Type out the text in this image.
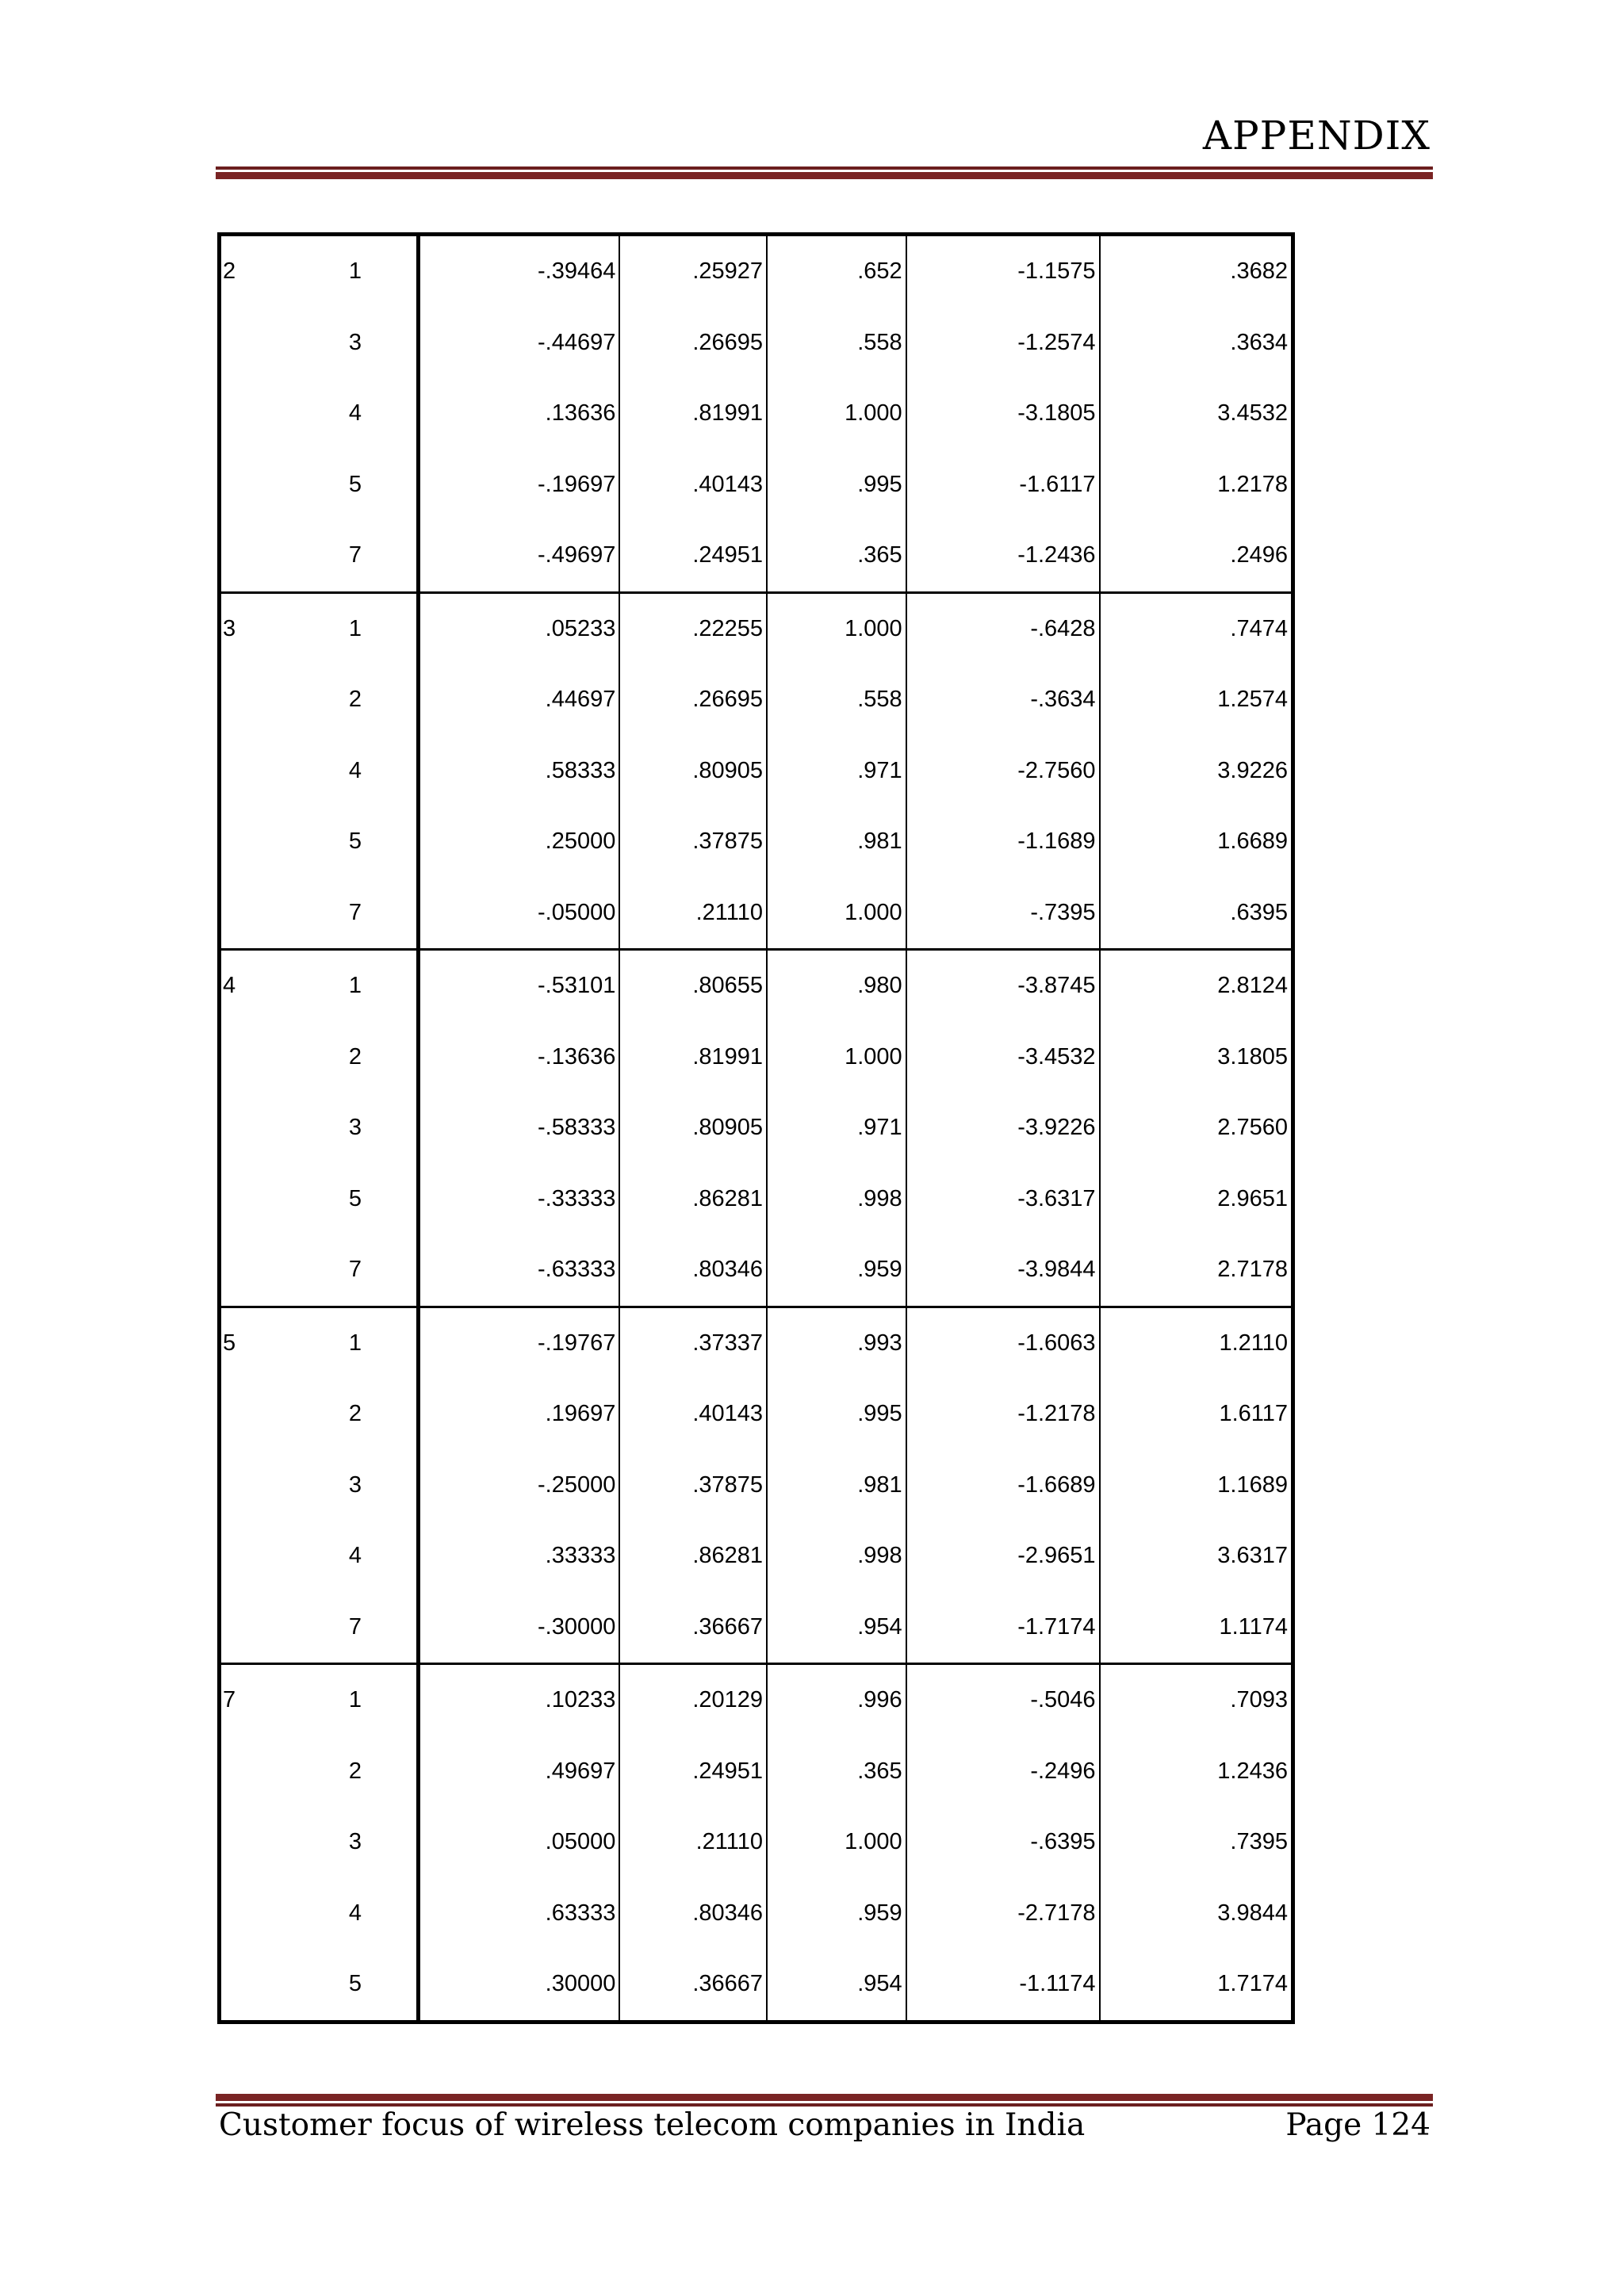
APPENDIX
2	1	-.39464	.25927	.652	-1.1575	.3682
	3	-.44697	.26695	.558	-1.2574	.3634
	4	.13636	.81991	1.000	-3.1805	3.4532
	5	-.19697	.40143	.995	-1.6117	1.2178
	7	-.49697	.24951	.365	-1.2436	.2496
3	1	.05233	.22255	1.000	-.6428	.7474
	2	.44697	.26695	.558	-.3634	1.2574
	4	.58333	.80905	.971	-2.7560	3.9226
	5	.25000	.37875	.981	-1.1689	1.6689
	7	-.05000	.21110	1.000	-.7395	.6395
4	1	-.53101	.80655	.980	-3.8745	2.8124
	2	-.13636	.81991	1.000	-3.4532	3.1805
	3	-.58333	.80905	.971	-3.9226	2.7560
	5	-.33333	.86281	.998	-3.6317	2.9651
	7	-.63333	.80346	.959	-3.9844	2.7178
5	1	-.19767	.37337	.993	-1.6063	1.2110
	2	.19697	.40143	.995	-1.2178	1.6117
	3	-.25000	.37875	.981	-1.6689	1.1689
	4	.33333	.86281	.998	-2.9651	3.6317
	7	-.30000	.36667	.954	-1.7174	1.1174
7	1	.10233	.20129	.996	-.5046	.7093
	2	.49697	.24951	.365	-.2496	1.2436
	3	.05000	.21110	1.000	-.6395	.7395
	4	.63333	.80346	.959	-2.7178	3.9844
	5	.30000	.36667	.954	-1.1174	1.7174
Customer focus of wireless telecom companies in India	Page 124
